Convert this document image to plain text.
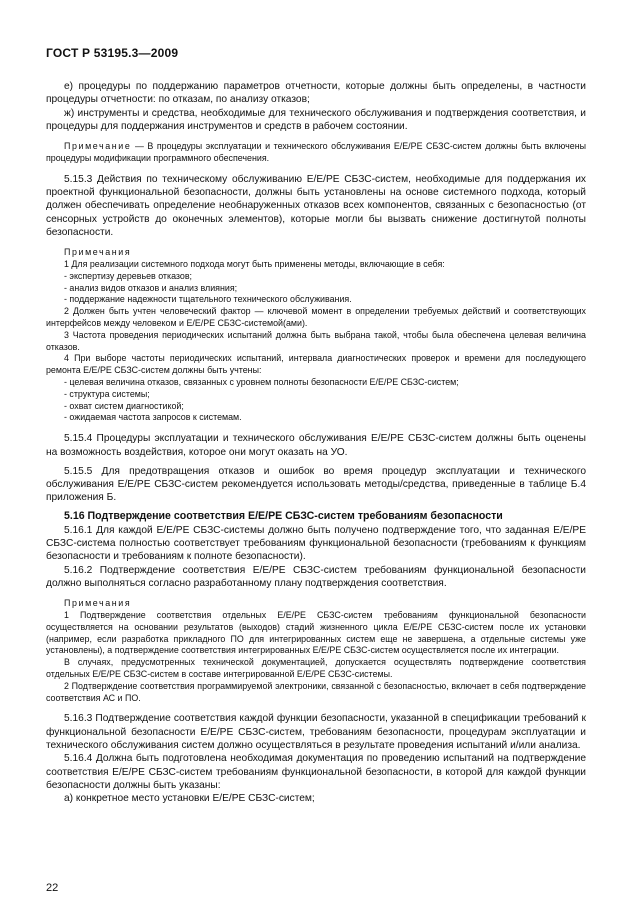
ГОСТ Р 53195.3—2009

е) процедуры по поддержанию параметров отчетности, которые должны быть определены, в частности процедуры отчетности: по отказам, по анализу отказов;

ж) инструменты и средства, необходимые для технического обслуживания и подтверждения соответствия, и процедуры для поддержания инструментов и средств в рабочем состоянии.

Примечание — В процедуры эксплуатации и технического обслуживания Е/Е/РЕ СБЗС-систем должны быть включены процедуры модификации программного обеспечения.

5.15.3 Действия по техническому обслуживанию Е/Е/РЕ СБЗС-систем, необходимые для поддержания их проектной функциональной безопасности, должны быть установлены на основе системного подхода, который должен обеспечивать определение необнаруженных отказов всех компонентов, связанных с безопасностью (от сенсорных устройств до оконечных элементов), которые могли бы вызвать снижение достигнутой полноты безопасности.

Примечания

1 Для реализации системного подхода могут быть применены методы, включающие в себя:

- экспертизу деревьев отказов;

- анализ видов отказов и анализ влияния;

- поддержание надежности тщательного технического обслуживания.

2 Должен быть учтен человеческий фактор — ключевой момент в определении требуемых действий и соответствующих интерфейсов между человеком и Е/Е/РЕ СБЗС-системой(ами).

3 Частота проведения периодических испытаний должна быть выбрана такой, чтобы была обеспечена целевая величина отказов.

4 При выборе частоты периодических испытаний, интервала диагностических проверок и времени для последующего ремонта Е/Е/РЕ СБЗС-систем должны быть учтены:

- целевая величина отказов, связанных с уровнем полноты безопасности Е/Е/РЕ СБЗС-систем;

- структура системы;

- охват систем диагностикой;

- ожидаемая частота запросов к системам.

5.15.4 Процедуры эксплуатации и технического обслуживания Е/Е/РЕ СБЗС-систем должны быть оценены на возможность воздействия, которое они могут оказать на УО.

5.15.5 Для предотвращения отказов и ошибок во время процедур эксплуатации и технического обслуживания Е/Е/РЕ СБЗС-систем рекомендуется использовать методы/средства, приведенные в таблице Б.4 приложения Б.

5.16 Подтверждение соответствия Е/Е/РЕ СБЗС-систем требованиям безопасности

5.16.1 Для каждой Е/Е/РЕ СБЗС-системы должно быть получено подтверждение того, что заданная Е/Е/РЕ СБЗС-система полностью соответствует требованиям функциональной безопасности (требованиям к функциям безопасности и требованиям к полноте безопасности).

5.16.2 Подтверждение соответствия Е/Е/РЕ СБЗС-систем требованиям функциональной безопасности должно выполняться согласно разработанному плану подтверждения соответствия.

Примечания

1 Подтверждение соответствия отдельных Е/Е/РЕ СБЗС-систем требованиям функциональной безопасности осуществляется на основании результатов (выходов) стадий жизненного цикла Е/Е/РЕ СБЗС-систем после их установки (например, если разработка прикладного ПО для интегрированных систем еще не завершена, а отдельные системы уже установлены), а подтверждение соответствия интегрированных Е/Е/РЕ СБЗС-систем осуществляется после их интеграции.

В случаях, предусмотренных технической документацией, допускается осуществлять подтверждение соответствия отдельных Е/Е/РЕ СБЗС-систем в составе интегрированной Е/Е/РЕ СБЗС-системы.

2 Подтверждение соответствия программируемой электроники, связанной с безопасностью, включает в себя подтверждение соответствия АС и ПО.

5.16.3 Подтверждение соответствия каждой функции безопасности, указанной в спецификации требований к функциональной безопасности Е/Е/РЕ СБЗС-систем, требованиям безопасности, процедурам эксплуатации и технического обслуживания систем должно осуществляться в результате проведения испытаний и/или анализа.

5.16.4 Должна быть подготовлена необходимая документация по проведению испытаний на подтверждение соответствия Е/Е/РЕ СБЗС-систем требованиям функциональной безопасности, в которой для каждой функции безопасности должны быть указаны:

а) конкретное место установки Е/Е/РЕ СБЗС-систем;

22
